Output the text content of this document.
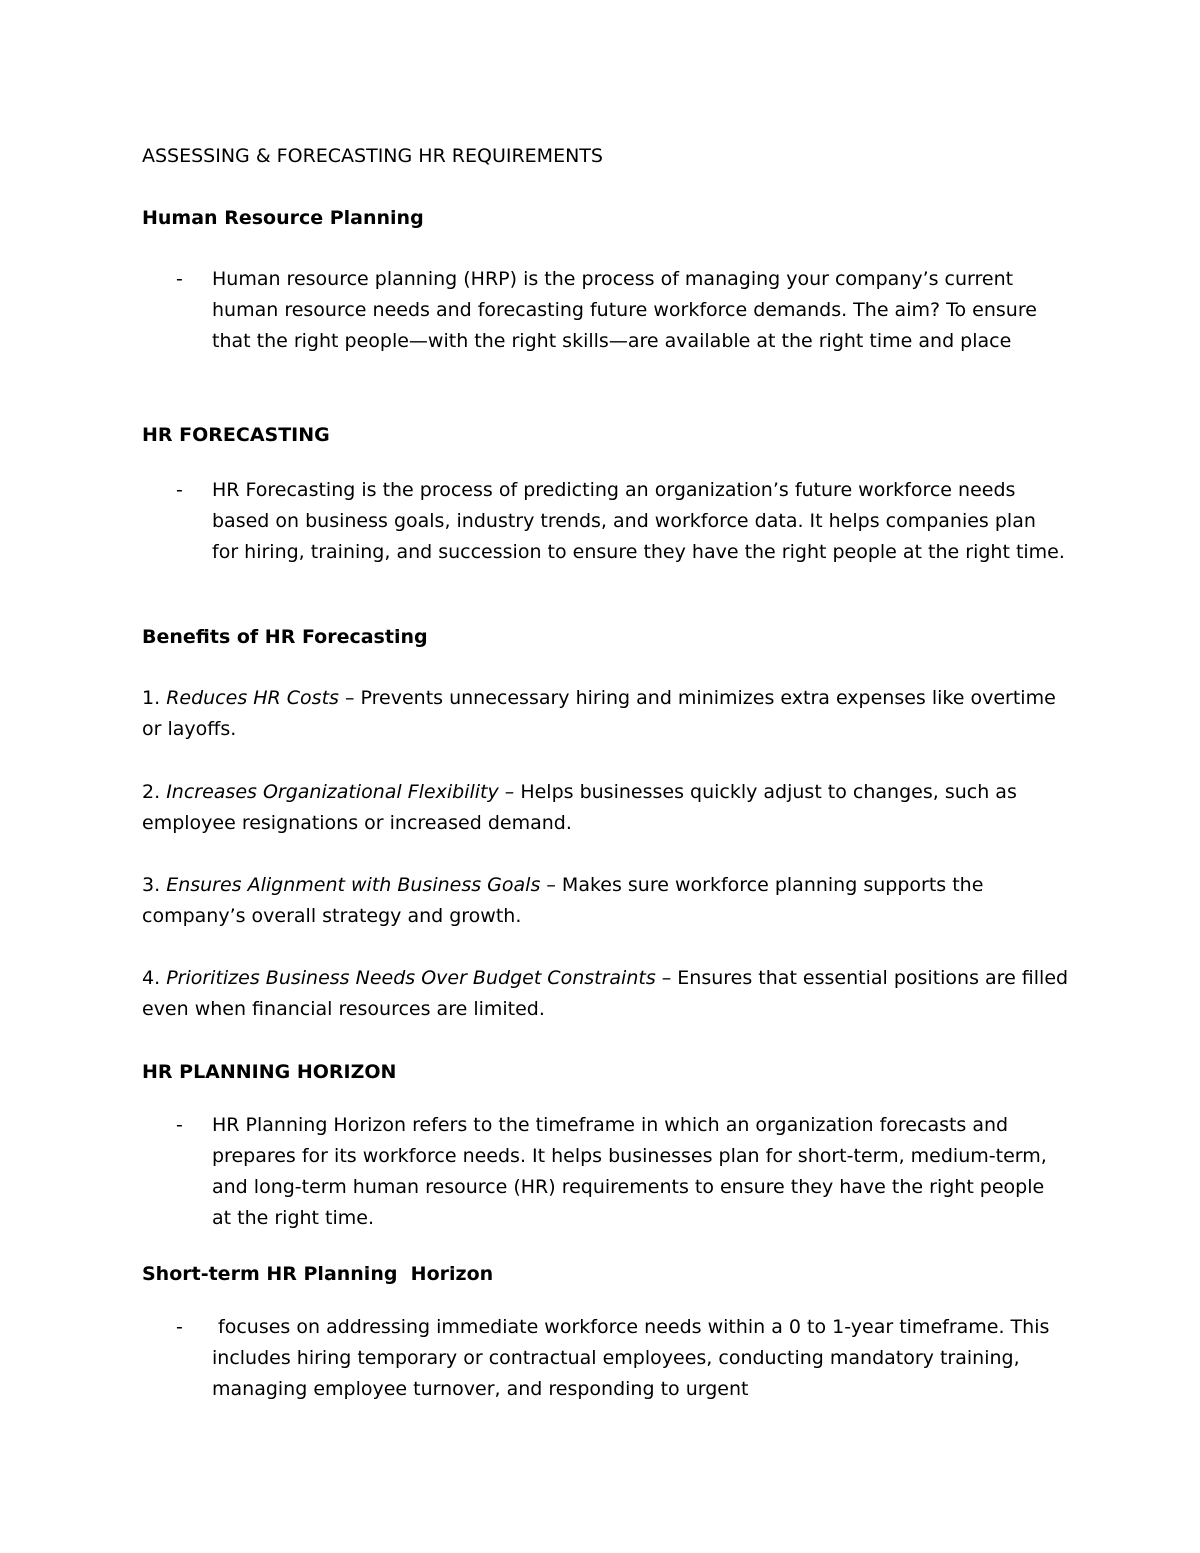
ASSESSING & FORECASTING HR REQUIREMENTS
Human Resource Planning
-	Human resource planning (HRP) is the process of managing your company’s current human resource needs and forecasting future workforce demands. The aim? To ensure that the right people—with the right skills—are available at the right time and place
HR FORECASTING
-	HR Forecasting is the process of predicting an organization’s future workforce needs based on business goals, industry trends, and workforce data. It helps companies plan for hiring, training, and succession to ensure they have the right people at the right time.
Benefits of HR Forecasting
1. Reduces HR Costs – Prevents unnecessary hiring and minimizes extra expenses like overtime or layoffs.
2. Increases Organizational Flexibility – Helps businesses quickly adjust to changes, such as employee resignations or increased demand.
3. Ensures Alignment with Business Goals – Makes sure workforce planning supports the company’s overall strategy and growth.
4. Prioritizes Business Needs Over Budget Constraints – Ensures that essential positions are filled even when financial resources are limited.
HR PLANNING HORIZON
-	HR Planning Horizon refers to the timeframe in which an organization forecasts and prepares for its workforce needs. It helps businesses plan for short-term, medium-term, and long-term human resource (HR) requirements to ensure they have the right people at the right time.
Short-term HR Planning  Horizon
-	focuses on addressing immediate workforce needs within a 0 to 1-year timeframe. This includes hiring temporary or contractual employees, conducting mandatory training, managing employee turnover, and responding to urgent
